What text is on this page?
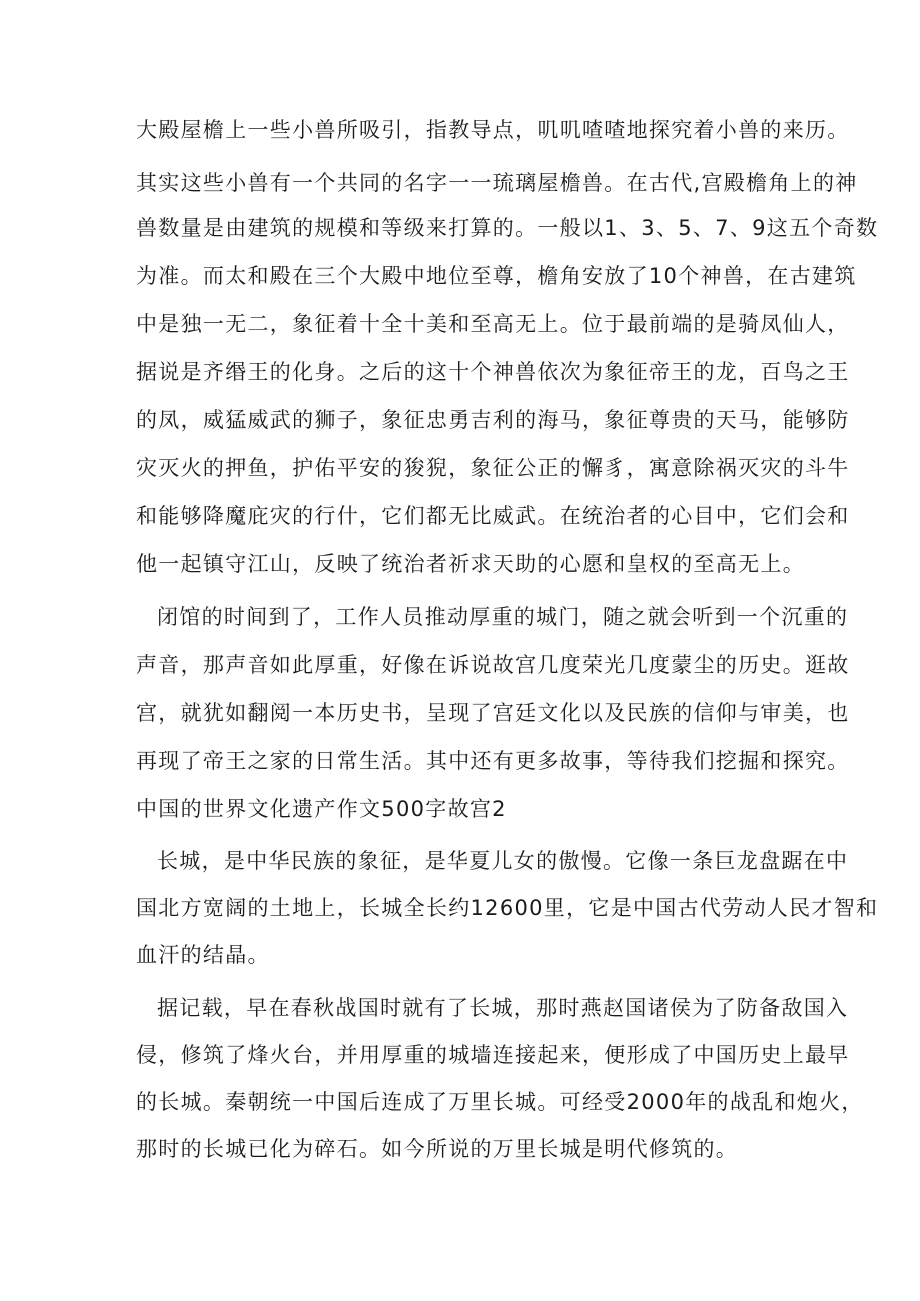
大殿屋檐上一些小兽所吸引，指教导点，叽叽喳喳地探究着小兽的来历。
其实这些小兽有一个共同的名字一一琉璃屋檐兽。在古代,宫殿檐角上的神
兽数量是由建筑的规模和等级来打算的。一般以1、3、5、7、9这五个奇数
为准。而太和殿在三个大殿中地位至尊，檐角安放了10个神兽，在古建筑
中是独一无二，象征着十全十美和至高无上。位于最前端的是骑凤仙人，
据说是齐缗王的化身。之后的这十个神兽依次为象征帝王的龙，百鸟之王
的凤，威猛威武的狮子，象征忠勇吉利的海马，象征尊贵的天马，能够防
灾灭火的押鱼，护佑平安的狻猊，象征公正的懈豸，寓意除祸灭灾的斗牛
和能够降魔庇灾的行什，它们都无比威武。在统治者的心目中，它们会和
他一起镇守江山，反映了统治者祈求天助的心愿和皇权的至高无上。
闭馆的时间到了，工作人员推动厚重的城门，随之就会听到一个沉重的
声音，那声音如此厚重，好像在诉说故宫几度荣光几度蒙尘的历史。逛故
宫，就犹如翻阅一本历史书，呈现了宫廷文化以及民族的信仰与审美，也
再现了帝王之家的日常生活。其中还有更多故事，等待我们挖掘和探究。
中国的世界文化遗产作文500字故宫2
长城，是中华民族的象征，是华夏儿女的傲慢。它像一条巨龙盘踞在中
国北方宽阔的土地上，长城全长约12600里，它是中国古代劳动人民才智和
血汗的结晶。
据记载，早在春秋战国时就有了长城，那时燕赵国诸侯为了防备敌国入
侵，修筑了烽火台，并用厚重的城墙连接起来，便形成了中国历史上最早
的长城。秦朝统一中国后连成了万里长城。可经受2000年的战乱和炮火，
那时的长城已化为碎石。如今所说的万里长城是明代修筑的。
